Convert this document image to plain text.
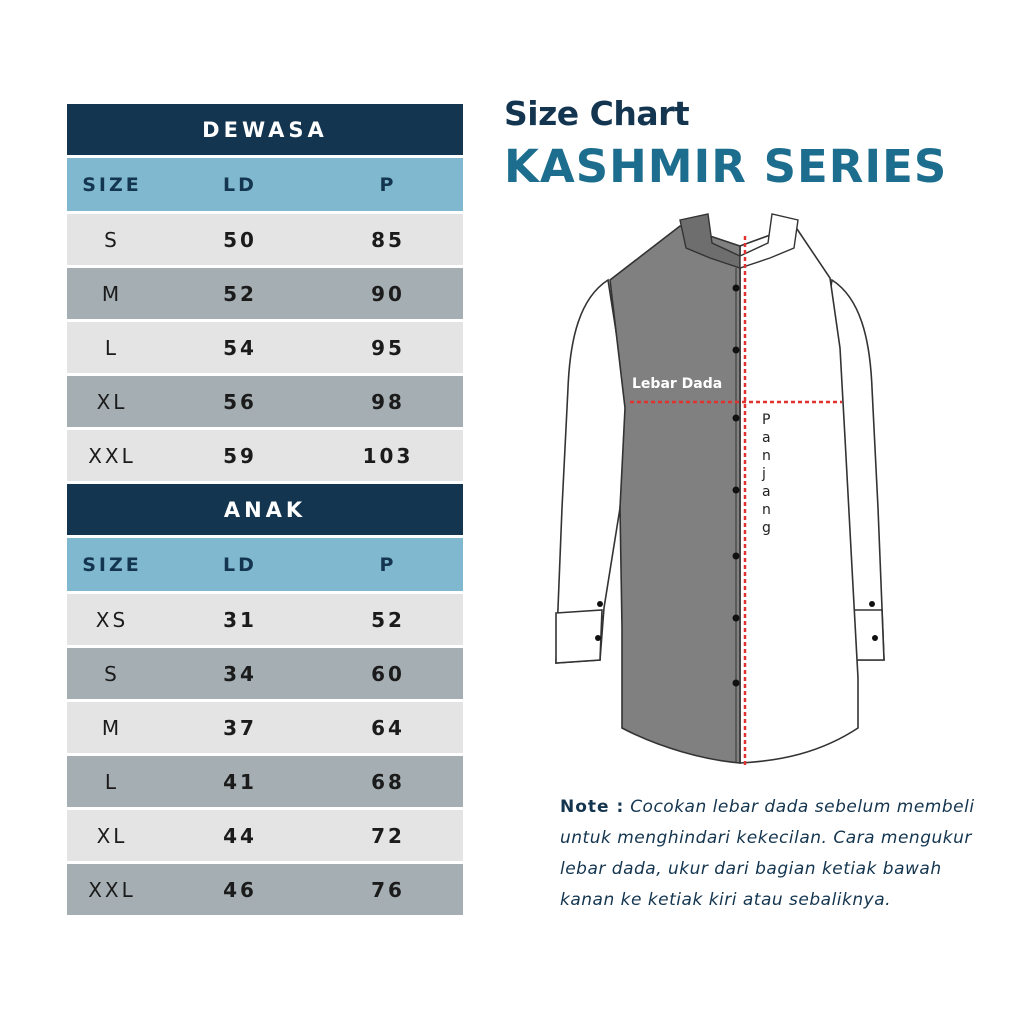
DEWASA
SIZE	LD	P
S	50	85
M	52	90
L	54	95
XL	56	98
XXL	59	103
ANAK
SIZE	LD	P
XS	31	52
S	34	60
M	37	64
L	41	68
XL	44	72
XXL	46	76
Size Chart
KASHMIR SERIES
Lebar Dada
P a n j a n g
Note : Cocokan lebar dada sebelum membeli untuk menghindari kekecilan. Cara mengukur lebar dada, ukur dari bagian ketiak bawah kanan ke ketiak kiri atau sebaliknya.
